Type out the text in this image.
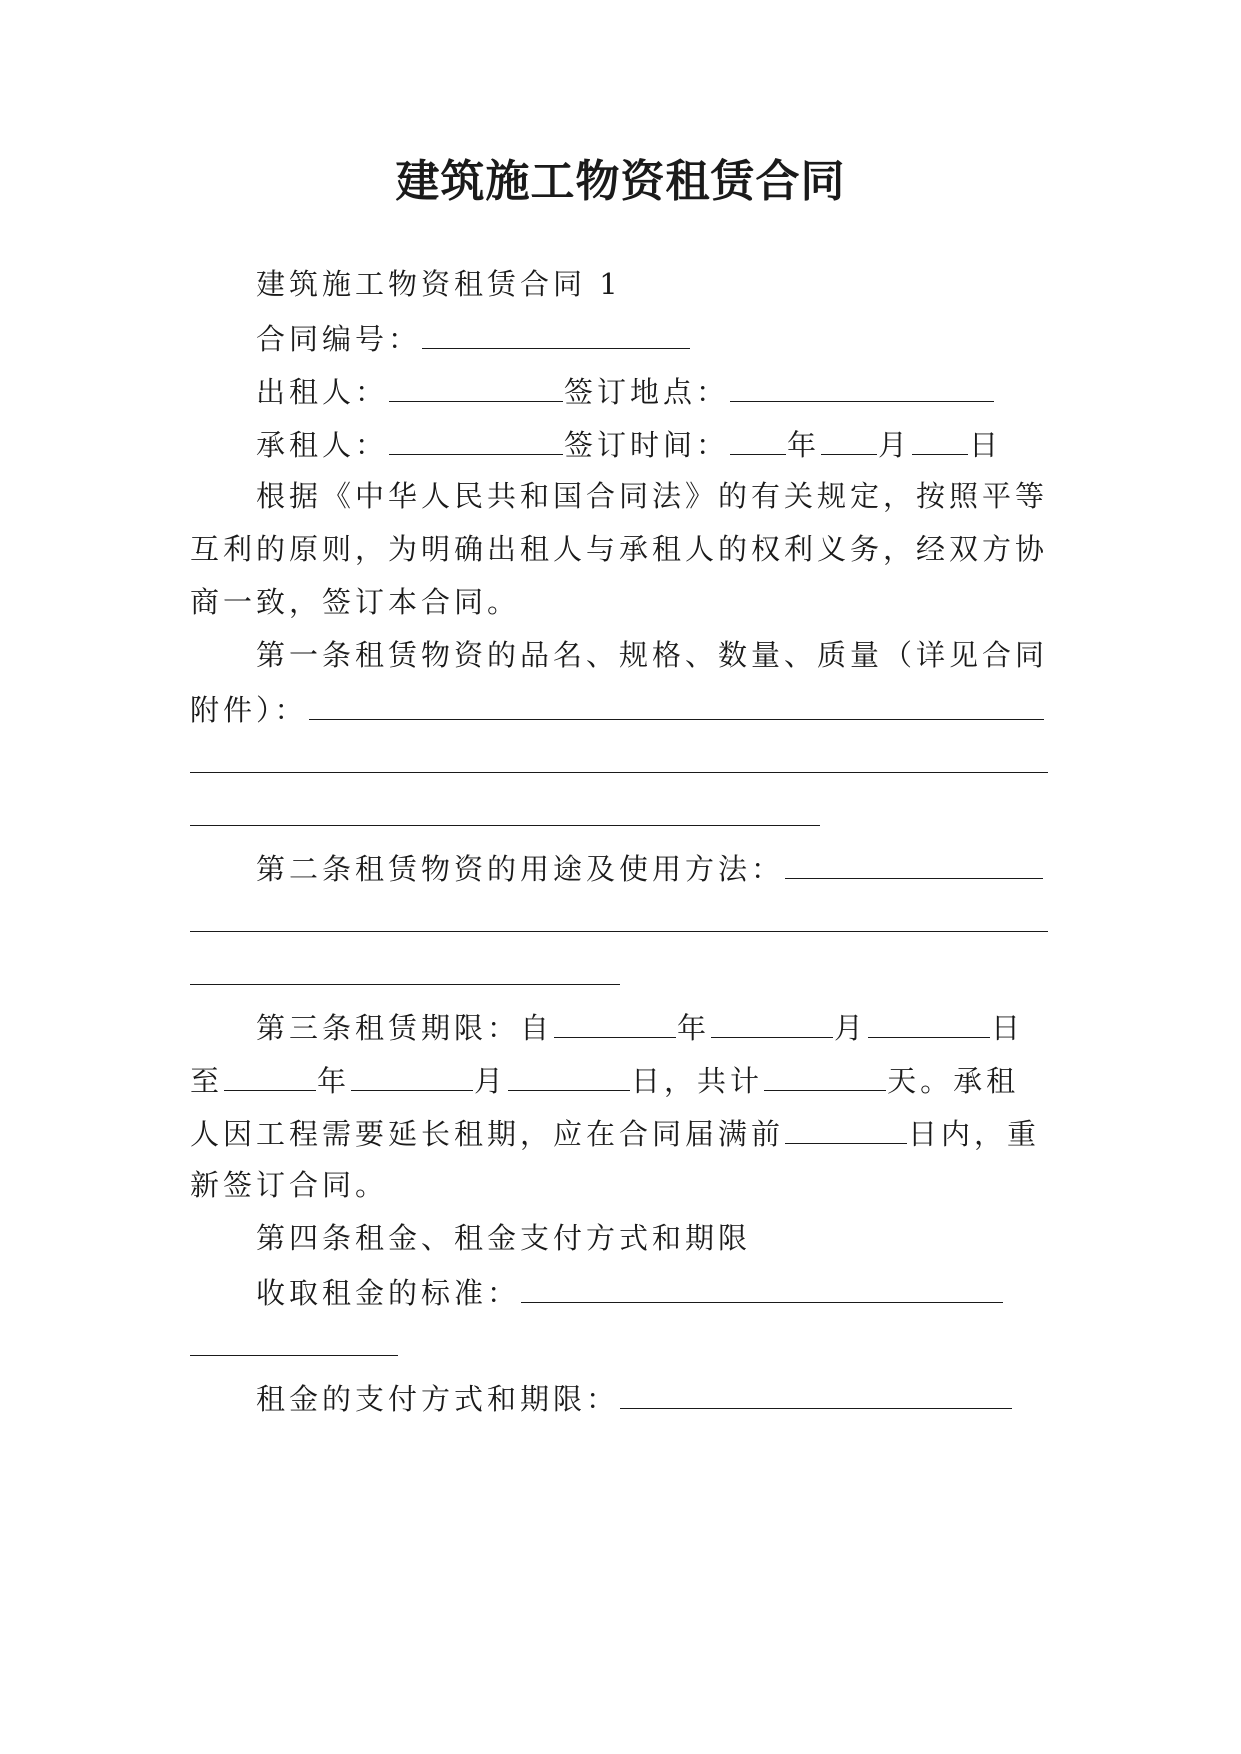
建筑施工物资租赁合同
建筑施工物资租赁合同 1
合同编号：
出租人：	签订地点：
承租人：	签订时间： 年 月 日
根据《中华人民共和国合同法》的有关规定，按照平等
互利的原则，为明确出租人与承租人的权利义务，经双方协
商一致，签订本合同。
第一条租赁物资的品名、规格、数量、质量（详见合同
附件）：
第二条租赁物资的用途及使用方法：
第三条租赁期限：自	年	月	日
至	年	月	日，共计	天。承租
人因工程需要延长租期，应在合同届满前	日内，重
新签订合同。
第四条租金、租金支付方式和期限
收取租金的标准：
租金的支付方式和期限：
